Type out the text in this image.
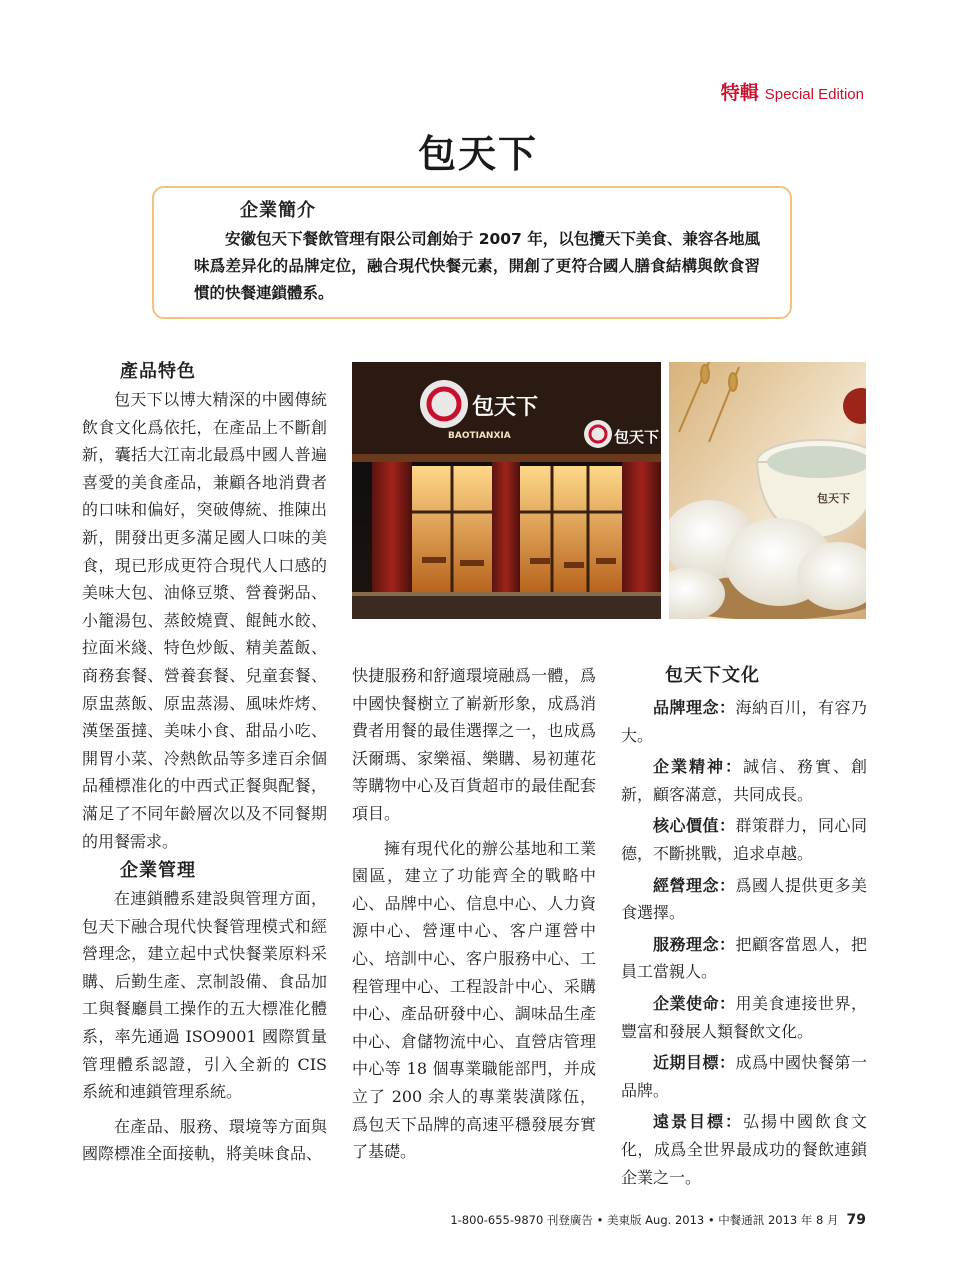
特輯 Special Edition
包天下
企業簡介
安徽包天下餐飲管理有限公司創始于 2007 年，以包攬天下美食、兼容各地風味爲差异化的品牌定位，融合現代快餐元素，開創了更符合國人膳食結構與飲食習慣的快餐連鎖體系。
產品特色

包天下以博大精深的中國傳統飲食文化爲依托，在產品上不斷創新，囊括大江南北最爲中國人普遍喜愛的美食產品，兼顧各地消費者的口味和偏好，突破傳統、推陳出新，開發出更多滿足國人口味的美食，現已形成更符合現代人口感的美味大包、油條豆漿、營養粥品、小籠湯包、蒸餃燒賣、餛飩水餃、拉面米綫、特色炒飯、精美蓋飯、商務套餐、營養套餐、兒童套餐、原盅蒸飯、原盅蒸湯、風味炸烤、漢堡蛋撻、美味小食、甜品小吃、開胃小菜、冷熱飲品等多達百余個品種標准化的中西式正餐與配餐，滿足了不同年齡層次以及不同餐期的用餐需求。

企業管理

在連鎖體系建設與管理方面，包天下融合現代快餐管理模式和經營理念，建立起中式快餐業原料采購、后勤生產、烹制設備、食品加工與餐廳員工操作的五大標准化體系，率先通過 ISO9001 國際質量管理體系認證，引入全新的 CIS 系統和連鎖管理系統。

在產品、服務、環境等方面與國際標准全面接軌，將美味食品、

包天下
BAOTIANXIA	包天下
包天下

快捷服務和舒適環境融爲一體，爲中國快餐樹立了嶄新形象，成爲消費者用餐的最佳選擇之一，也成爲沃爾瑪、家樂福、樂購、易初蓮花等購物中心及百貨超市的最佳配套項目。

擁有現代化的辦公基地和工業園區，建立了功能齊全的戰略中心、品牌中心、信息中心、人力資源中心、營運中心、客户運營中心、培訓中心、客户服務中心、工程管理中心、工程設計中心、采購中心、產品研發中心、調味品生產中心、倉儲物流中心、直營店管理中心等 18 個專業職能部門，并成立了 200 余人的專業裝潢隊伍，爲包天下品牌的高速平穩發展夯實了基礎。

包天下文化

品牌理念：海納百川，有容乃大。

企業精神：誠信、務實、創新，顧客滿意，共同成長。

核心價值：群策群力，同心同德，不斷挑戰，追求卓越。

經營理念：爲國人提供更多美食選擇。

服務理念：把顧客當恩人，把員工當親人。

企業使命：用美食連接世界，豐富和發展人類餐飲文化。

近期目標：成爲中國快餐第一品牌。

遠景目標：弘揚中國飲食文化，成爲全世界最成功的餐飲連鎖企業之一。

1-800-655-9870 刊登廣告 • 美東版 Aug. 2013 • 中餐通訊 2013 年 8 月 79
